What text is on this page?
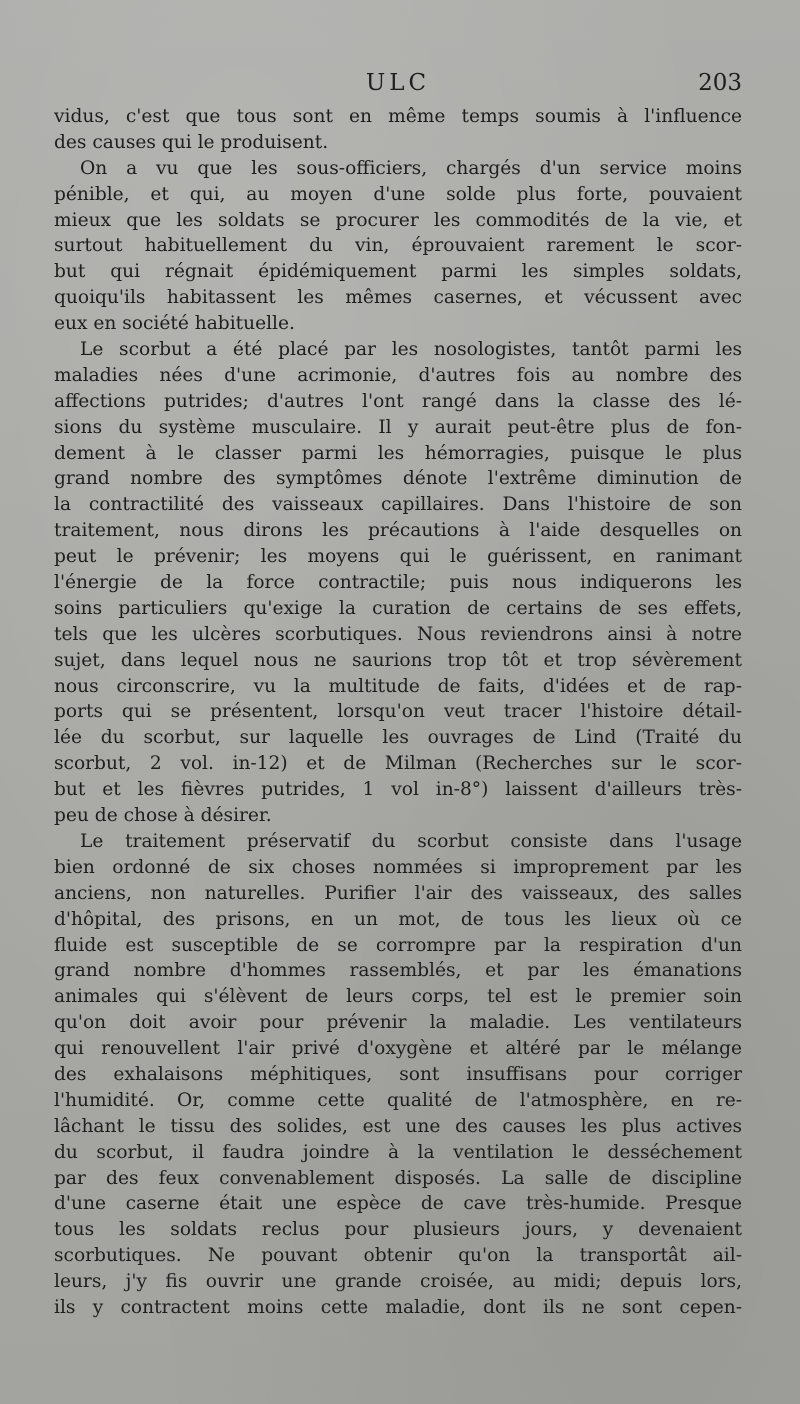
ULC	203
vidus, c'est que tous sont en même temps soumis à l'influence
des causes qui le produisent.
On a vu que les sous-officiers, chargés d'un service moins
pénible, et qui, au moyen d'une solde plus forte, pouvaient
mieux que les soldats se procurer les commodités de la vie, et
surtout habituellement du vin, éprouvaient rarement le scor-
but qui régnait épidémiquement parmi les simples soldats,
quoiqu'ils habitassent les mêmes casernes, et vécussent avec
eux en société habituelle.
Le scorbut a été placé par les nosologistes, tantôt parmi les
maladies nées d'une acrimonie, d'autres fois au nombre des
affections putrides; d'autres l'ont rangé dans la classe des lé-
sions du système musculaire. Il y aurait peut-être plus de fon-
dement à le classer parmi les hémorragies, puisque le plus
grand nombre des symptômes dénote l'extrême diminution de
la contractilité des vaisseaux capillaires. Dans l'histoire de son
traitement, nous dirons les précautions à l'aide desquelles on
peut le prévenir; les moyens qui le guérissent, en ranimant
l'énergie de la force contractile; puis nous indiquerons les
soins particuliers qu'exige la curation de certains de ses effets,
tels que les ulcères scorbutiques. Nous reviendrons ainsi à notre
sujet, dans lequel nous ne saurions trop tôt et trop sévèrement
nous circonscrire, vu la multitude de faits, d'idées et de rap-
ports qui se présentent, lorsqu'on veut tracer l'histoire détail-
lée du scorbut, sur laquelle les ouvrages de Lind (Traité du
scorbut, 2 vol. in-12) et de Milman (Recherches sur le scor-
but et les fièvres putrides, 1 vol in-8°) laissent d'ailleurs très-
peu de chose à désirer.
Le traitement préservatif du scorbut consiste dans l'usage
bien ordonné de six choses nommées si improprement par les
anciens, non naturelles. Purifier l'air des vaisseaux, des salles
d'hôpital, des prisons, en un mot, de tous les lieux où ce
fluide est susceptible de se corrompre par la respiration d'un
grand nombre d'hommes rassemblés, et par les émanations
animales qui s'élèvent de leurs corps, tel est le premier soin
qu'on doit avoir pour prévenir la maladie. Les ventilateurs
qui renouvellent l'air privé d'oxygène et altéré par le mélange
des exhalaisons méphitiques, sont insuffisans pour corriger
l'humidité. Or, comme cette qualité de l'atmosphère, en re-
lâchant le tissu des solides, est une des causes les plus actives
du scorbut, il faudra joindre à la ventilation le desséchement
par des feux convenablement disposés. La salle de discipline
d'une caserne était une espèce de cave très-humide. Presque
tous les soldats reclus pour plusieurs jours, y devenaient
scorbutiques. Ne pouvant obtenir qu'on la transportât ail-
leurs, j'y fis ouvrir une grande croisée, au midi; depuis lors,
ils y contractent moins cette maladie, dont ils ne sont cepen-
